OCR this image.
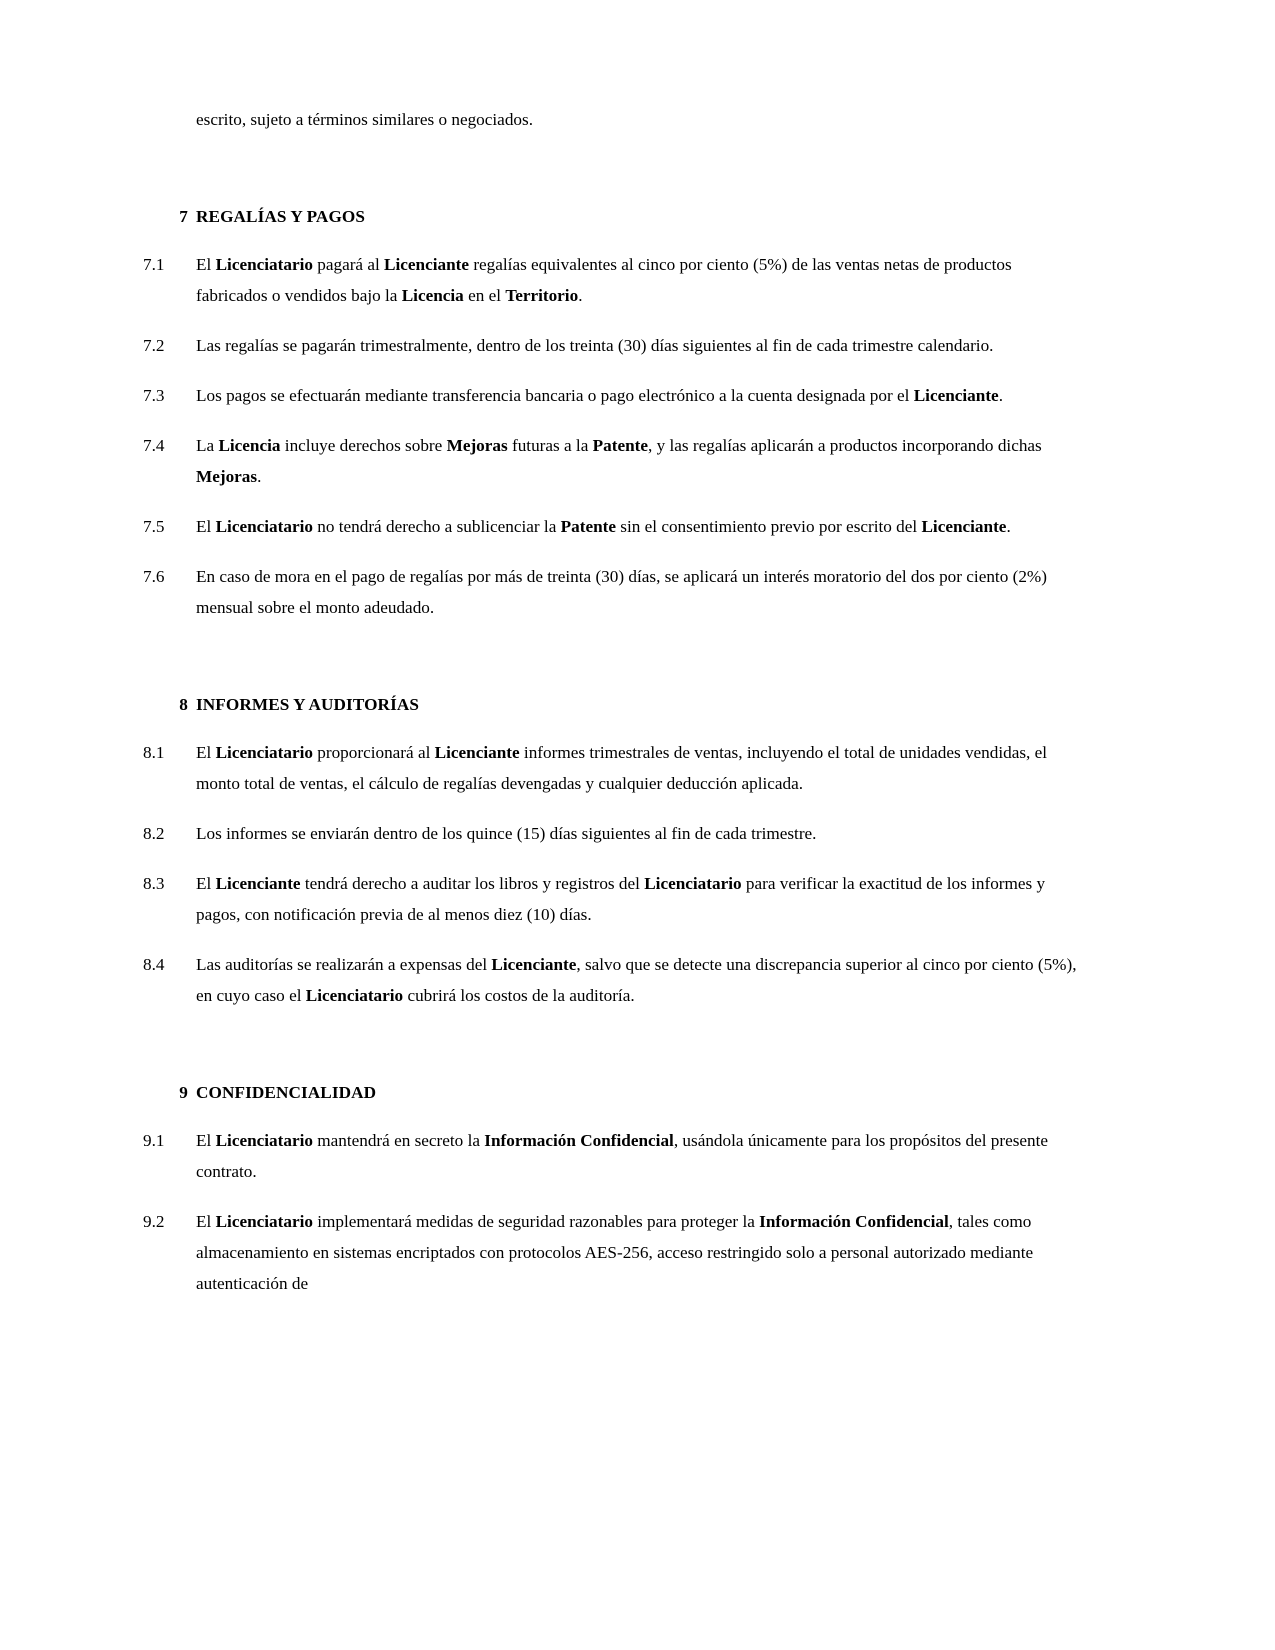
escrito, sujeto a términos similares o negociados.

7 REGALÍAS Y PAGOS
7.1	El Licenciatario pagará al Licenciante regalías equivalentes al cinco por ciento (5%) de las ventas netas de productos fabricados o vendidos bajo la Licencia en el Territorio.
7.2	Las regalías se pagarán trimestralmente, dentro de los treinta (30) días siguientes al fin de cada trimestre calendario.
7.3	Los pagos se efectuarán mediante transferencia bancaria o pago electrónico a la cuenta designada por el Licenciante.
7.4	La Licencia incluye derechos sobre Mejoras futuras a la Patente, y las regalías aplicarán a productos incorporando dichas Mejoras.
7.5	El Licenciatario no tendrá derecho a sublicenciar la Patente sin el consentimiento previo por escrito del Licenciante.
7.6	En caso de mora en el pago de regalías por más de treinta (30) días, se aplicará un interés moratorio del dos por ciento (2%) mensual sobre el monto adeudado.
8 INFORMES Y AUDITORÍAS
8.1	El Licenciatario proporcionará al Licenciante informes trimestrales de ventas, incluyendo el total de unidades vendidas, el monto total de ventas, el cálculo de regalías devengadas y cualquier deducción aplicada.
8.2	Los informes se enviarán dentro de los quince (15) días siguientes al fin de cada trimestre.
8.3	El Licenciante tendrá derecho a auditar los libros y registros del Licenciatario para verificar la exactitud de los informes y pagos, con notificación previa de al menos diez (10) días.
8.4	Las auditorías se realizarán a expensas del Licenciante, salvo que se detecte una discrepancia superior al cinco por ciento (5%), en cuyo caso el Licenciatario cubrirá los costos de la auditoría.
9 CONFIDENCIALIDAD
9.1	El Licenciatario mantendrá en secreto la Información Confidencial, usándola únicamente para los propósitos del presente contrato.
9.2	El Licenciatario implementará medidas de seguridad razonables para proteger la Información Confidencial, tales como almacenamiento en sistemas encriptados con protocolos AES-256, acceso restringido solo a personal autorizado mediante autenticación de
